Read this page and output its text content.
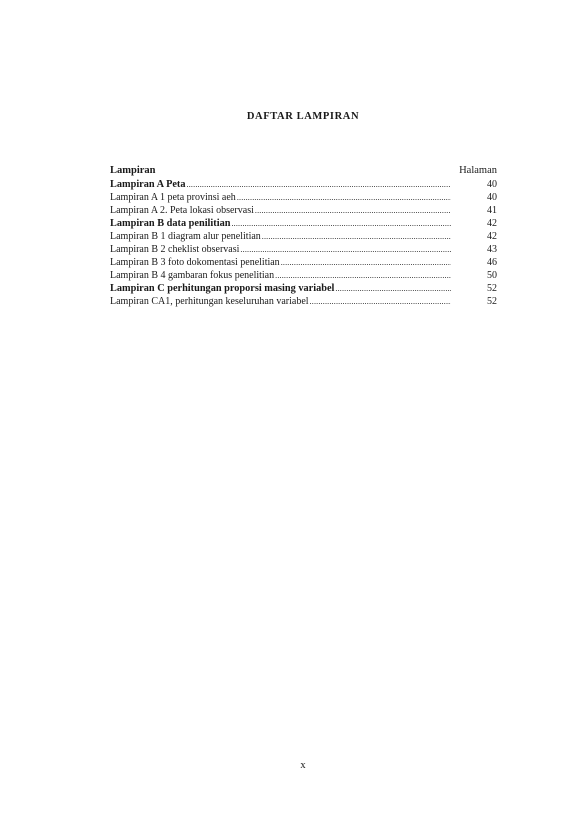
DAFTAR LAMPIRAN
Lampiran	Halaman
Lampiran A Peta .....	40
Lampiran A 1 peta provinsi aeh .....	40
Lampiran A 2. Peta lokasi observasi .....	41
Lampiran B data penilitian .....	42
Lampiran B 1 diagram alur penelitian .....	42
Lampiran B 2 cheklist observasi .....	43
Lampiran B 3 foto dokomentasi penelitian .....	46
Lampiran B 4 gambaran fokus penelitian .....	50
Lampiran C perhitungan proporsi masing variabel .....	52
Lampiran CA1, perhitungan keseluruhan variabel .....	52
x
